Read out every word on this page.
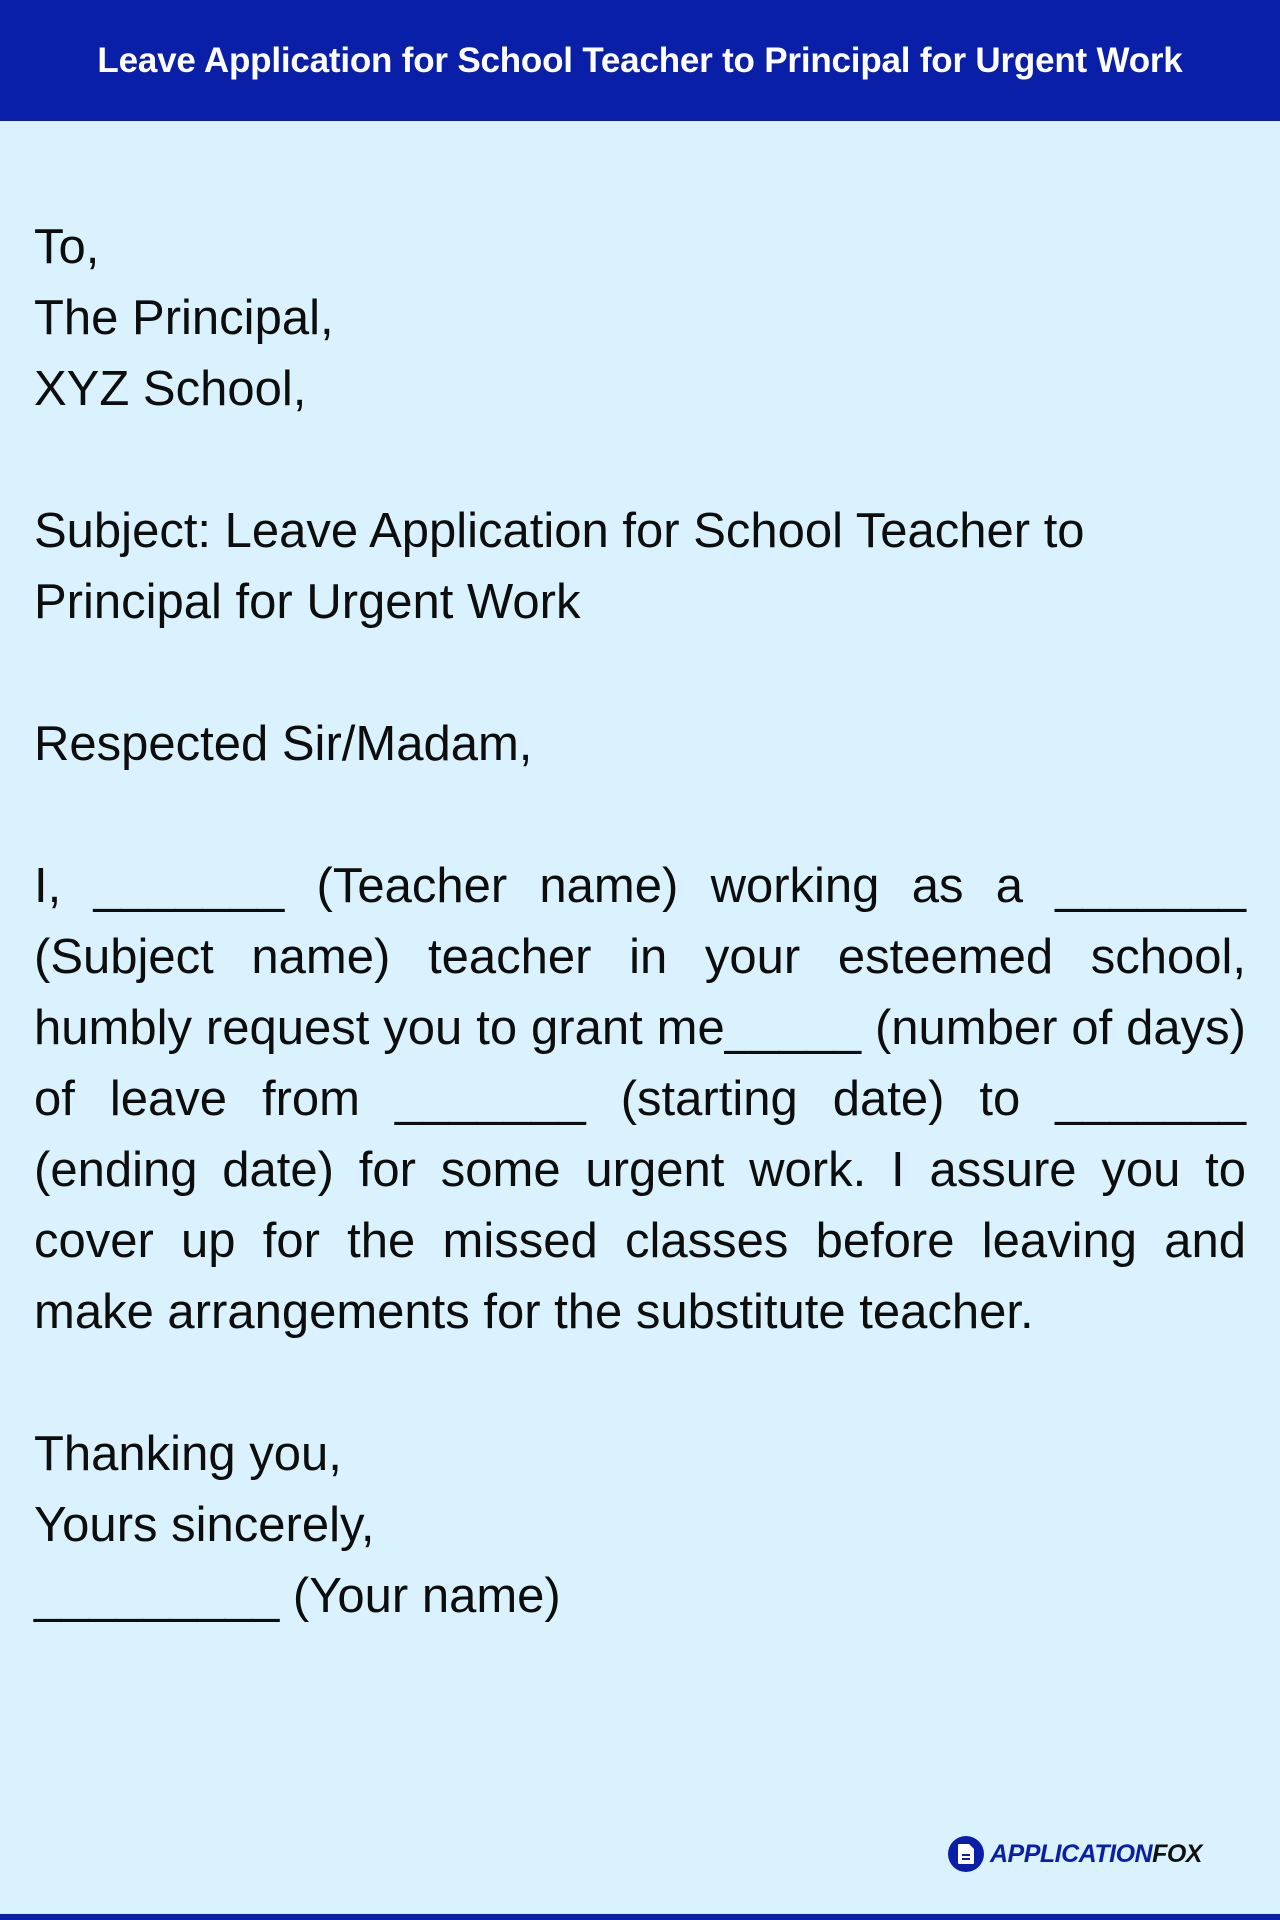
Leave Application for School Teacher to Principal for Urgent Work
To,
The Principal,
XYZ School,
Subject: Leave Application for School Teacher to Principal for Urgent Work
Respected Sir/Madam,
I, _______ (Teacher name) working as a _______ (Subject name) teacher in your esteemed school, humbly request you to grant me_____ (number of days) of leave from _______ (starting date) to _______ (ending date) for some urgent work. I assure you to cover up for the missed classes before leaving and make arrangements for the substitute teacher.
Thanking you,
Yours sincerely,
_________ (Your name)
APPLICATIONFOX
